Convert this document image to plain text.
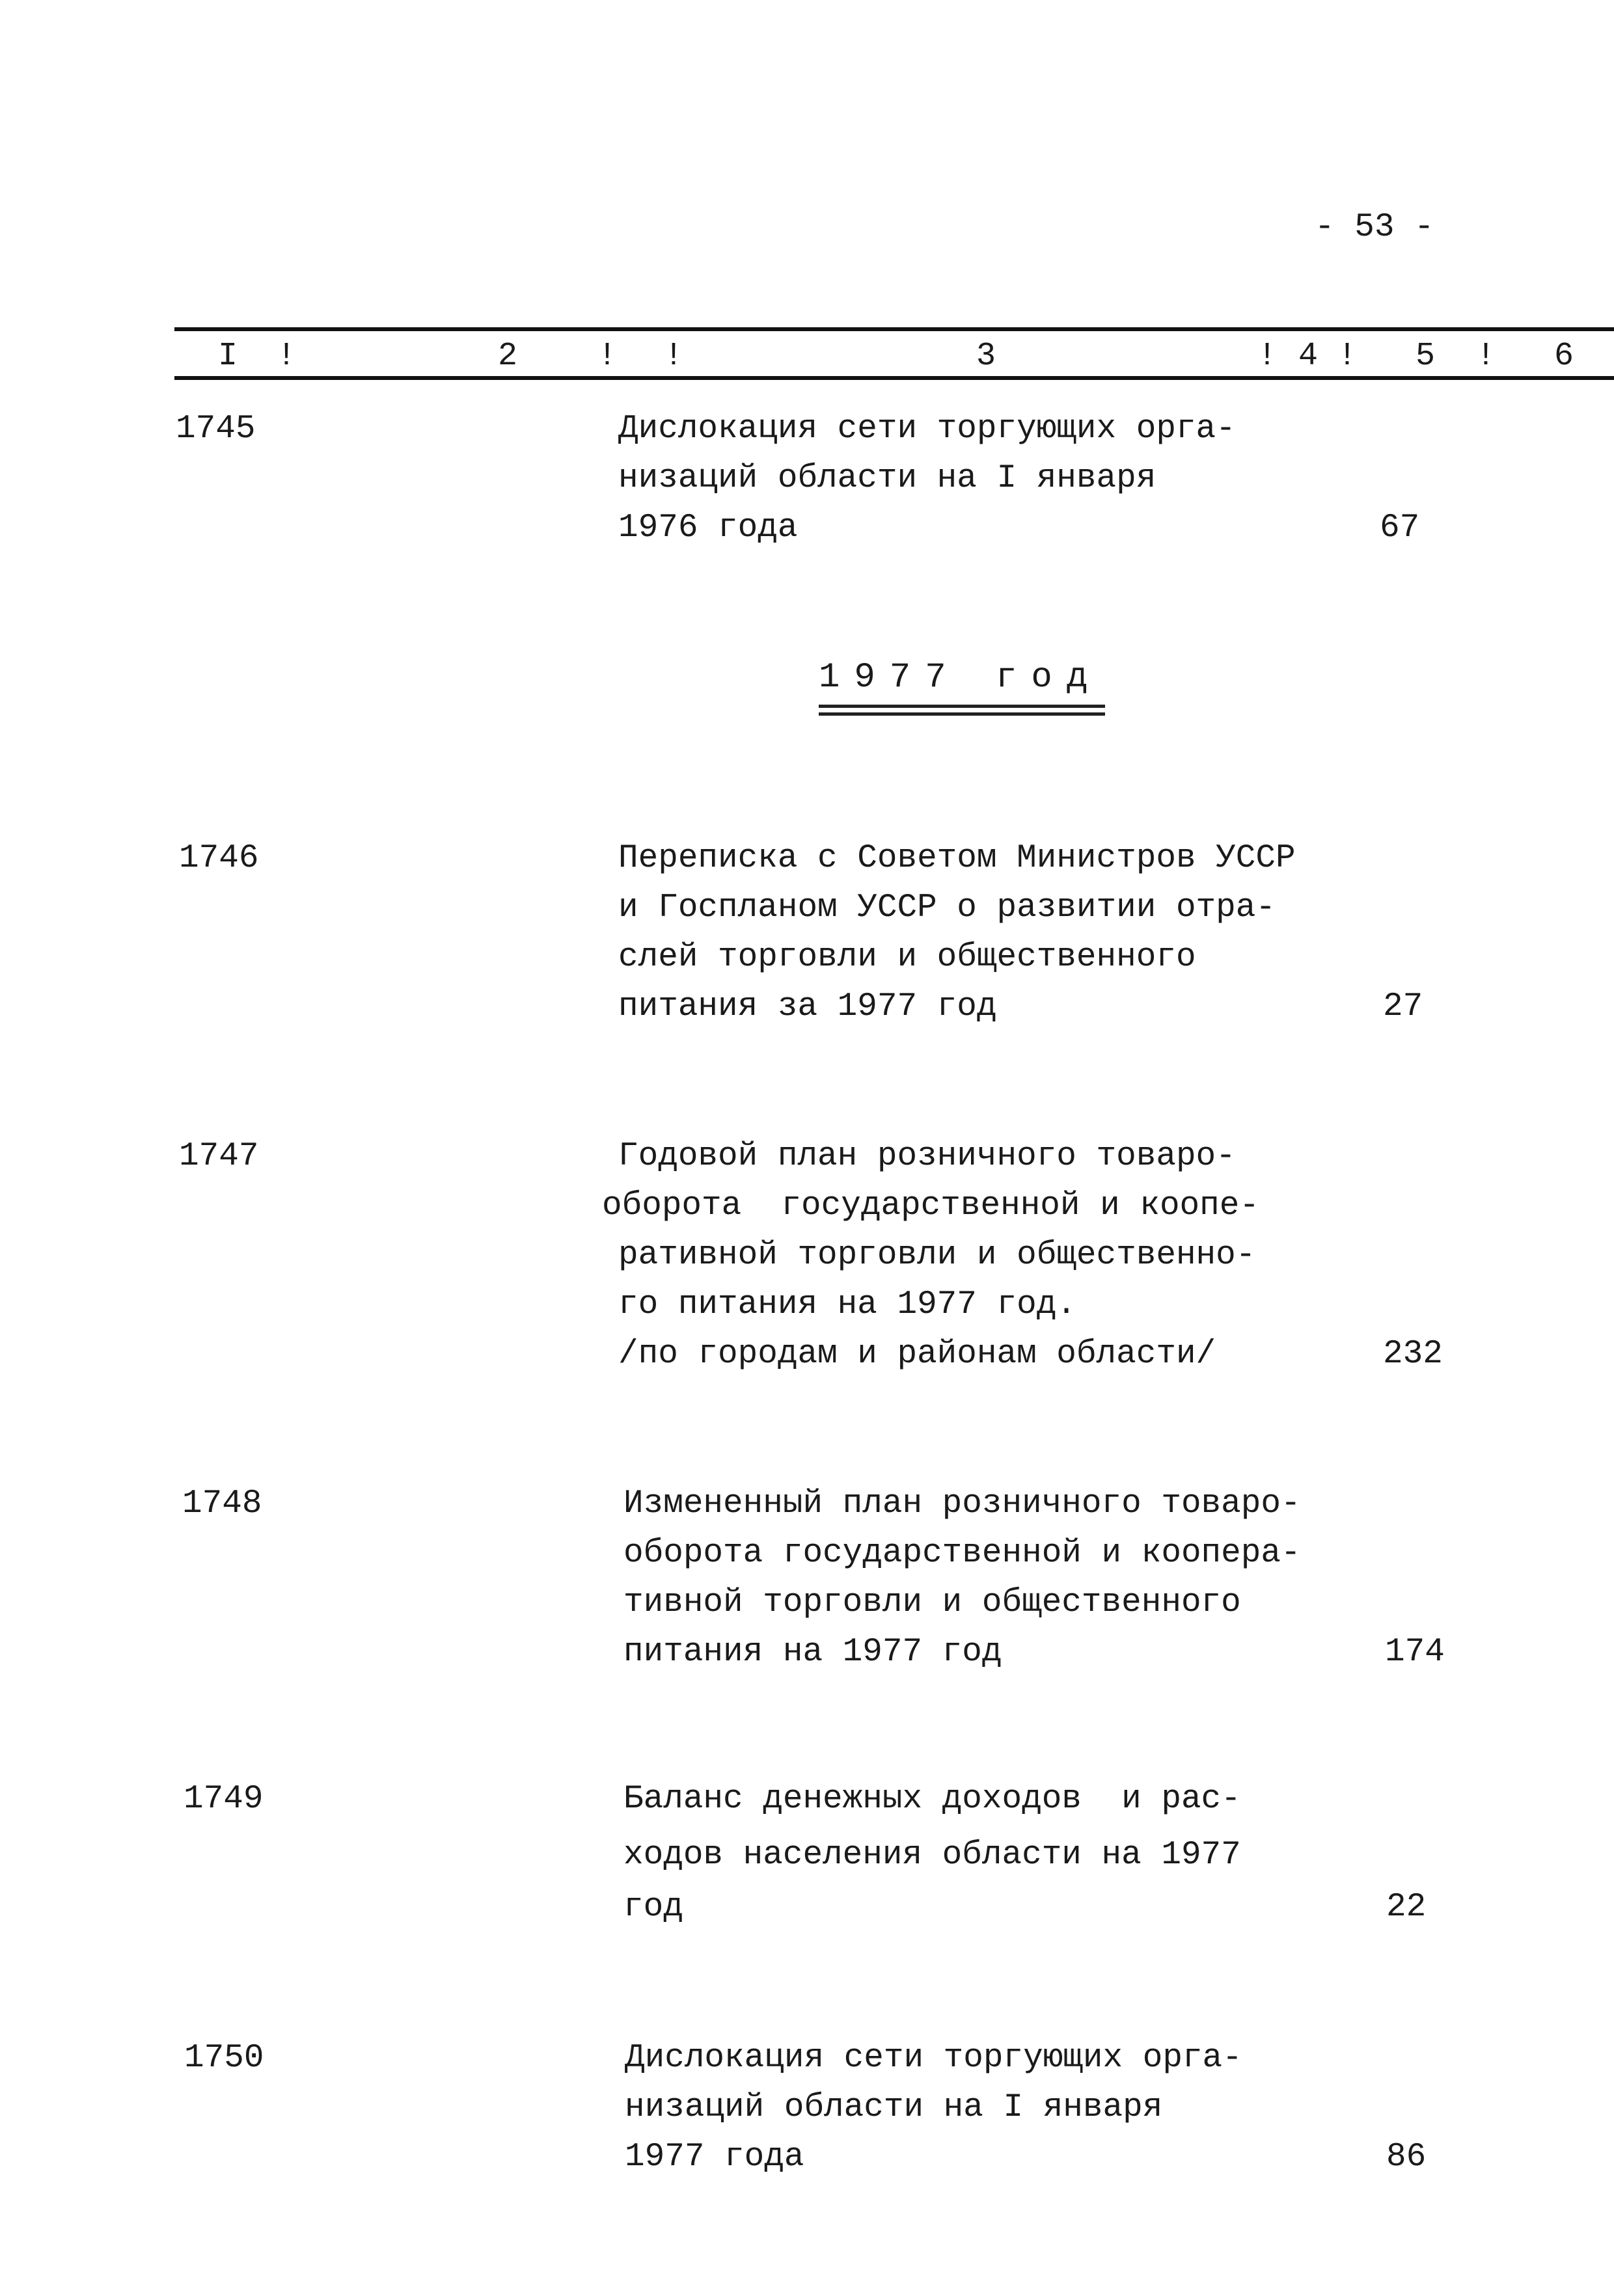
- 53 -
I !	2 ! !	3	! 4 ! 5 ! 6
1745	Дислокация сети торгующих орга-
низаций области на I января
1976 года	67
1977 год
1746	Переписка с Советом Министров УССР
и Госпланом УССР о развитии отра-
слей торговли и общественного
питания за 1977 год	27
1747	Годовой план розничного товаро-
оборота  государственной и коопе-
ративной торговли и общественно-
го питания на 1977 год.
/по городам и районам области/	232
1748	Измененный план розничного товаро-
оборота государственной и коопера-
тивной торговли и общественного
питания на 1977 год	174
1749	Баланс денежных доходов  и рас-
ходов населения области на 1977
год	22
1750	Дислокация сети торгующих орга-
низаций области на I января
1977 года	86
